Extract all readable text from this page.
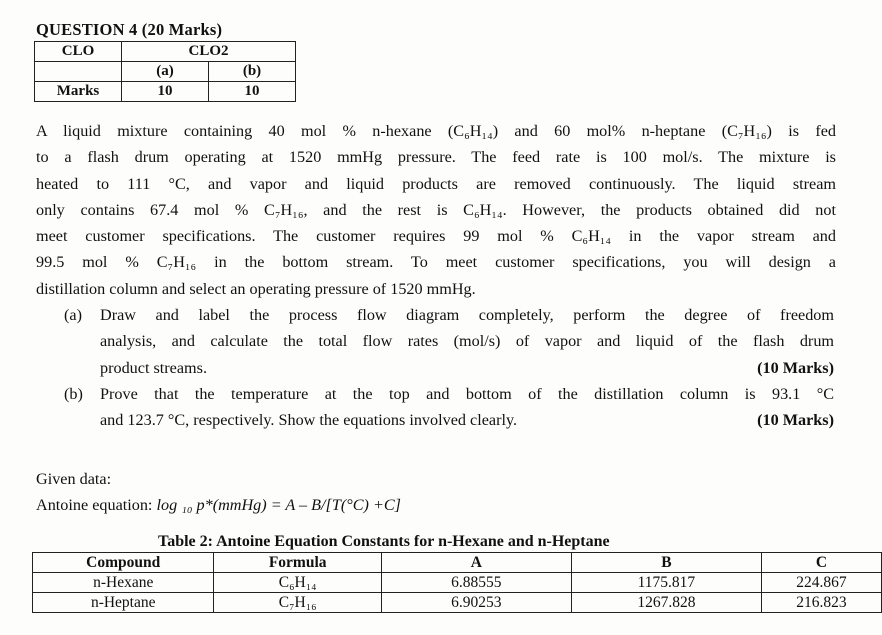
QUESTION 4 (20 Marks)
CLO	CLO2	
	(a)	(b)
Marks	10	10
A liquid mixture containing 40 mol % n-hexane (C₆H₁₄) and 60 mol% n-heptane (C₇H₁₆) is fed
to a flash drum operating at 1520 mmHg pressure. The feed rate is 100 mol/s. The mixture is
heated to 111 °C, and vapor and liquid products are removed continuously. The liquid stream
only contains 67.4 mol % C₇H₁₆, and the rest is C₆H₁₄. However, the products obtained did not
meet customer specifications. The customer requires 99 mol % C₆H₁₄ in the vapor stream and
99.5 mol % C₇H₁₆ in the bottom stream. To meet customer specifications, you will design a
distillation column and select an operating pressure of 1520 mmHg.
(a) Draw and label the process flow diagram completely, perform the degree of freedom
analysis, and calculate the total flow rates (mol/s) of vapor and liquid of the flash drum
product streams.	(10 Marks)
(b) Prove that the temperature at the top and bottom of the distillation column is 93.1 °C
and 123.7 °C, respectively. Show the equations involved clearly.	(10 Marks)
Given data:
Antoine equation: log ₁₀ p*(mmHg) = A – B/[T(°C) +C]
Table 2: Antoine Equation Constants for n-Hexane and n-Heptane
Compound	Formula	A	B	C
n-Hexane	C₆H₁₄	6.88555	1175.817	224.867
n-Heptane	C₇H₁₆	6.90253	1267.828	216.823
